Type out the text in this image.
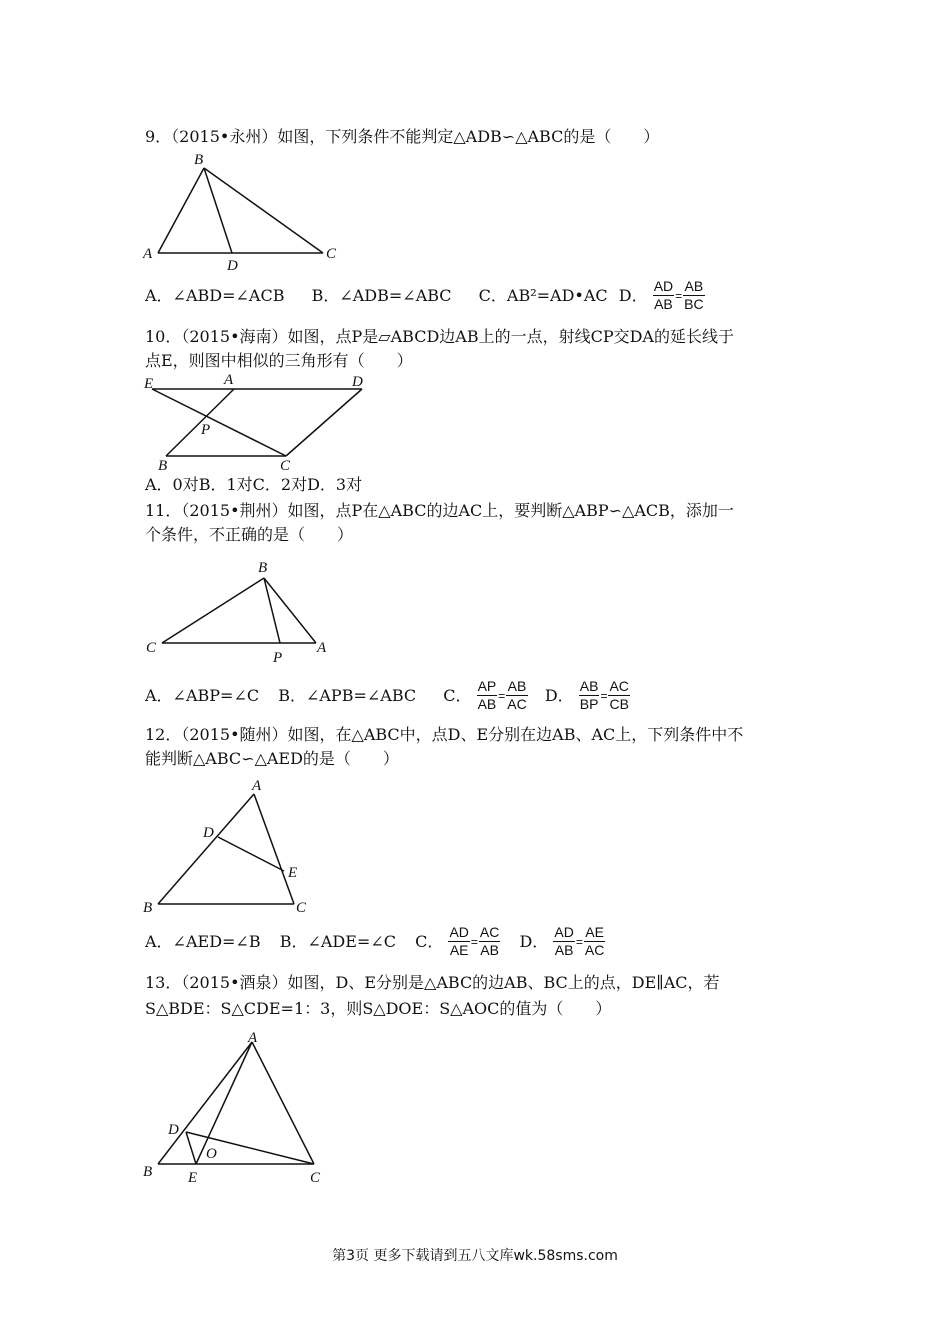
9．（2015•永州）如图，下列条件不能判定△ADB∽△ABC的是（　　）
B
A
D
C
A．∠ABD=∠ACB B．∠ADB=∠ABC C．AB²=AD•AC D． $\frac{AD}{AB} = \frac{AB}{BC}$
10．（2015•海南）如图，点P是▱ABCD边AB上的一点，射线CP交DA的延长线于
点E，则图中相似的三角形有（　　）
E	A	D
P
B	C
A．0对B．1对C．2对D．3对
11．（2015•荆州）如图，点P在△ABC的边AC上，要判断△ABP∽△ACB，添加一
个条件，不正确的是（　　）
B
C
P
A
A．∠ABP=∠C B．∠APB=∠ABC C． $\frac{AP}{AB} = \frac{AB}{AC}$ D． $\frac{AB}{BP} = \frac{AC}{CB}$
12．（2015•随州）如图，在△ABC中，点D、E分别在边AB、AC上，下列条件中不
能判断△ABC∽△AED的是（　　）
A
D
E
B	C
A．∠AED=∠B B．∠ADE=∠C C． $\frac{AD}{AE} = \frac{AC}{AB}$ D． $\frac{AD}{AB} = \frac{AE}{AC}$
13．（2015•酒泉）如图，D、E分别是△ABC的边AB、BC上的点，DE∥AC，若
S△BDE：S△CDE=1：3，则S△DOE：S△AOC的值为（　　）
A
D
O
B E	C
第3页 更多下载请到五八文库wk.58sms.com
